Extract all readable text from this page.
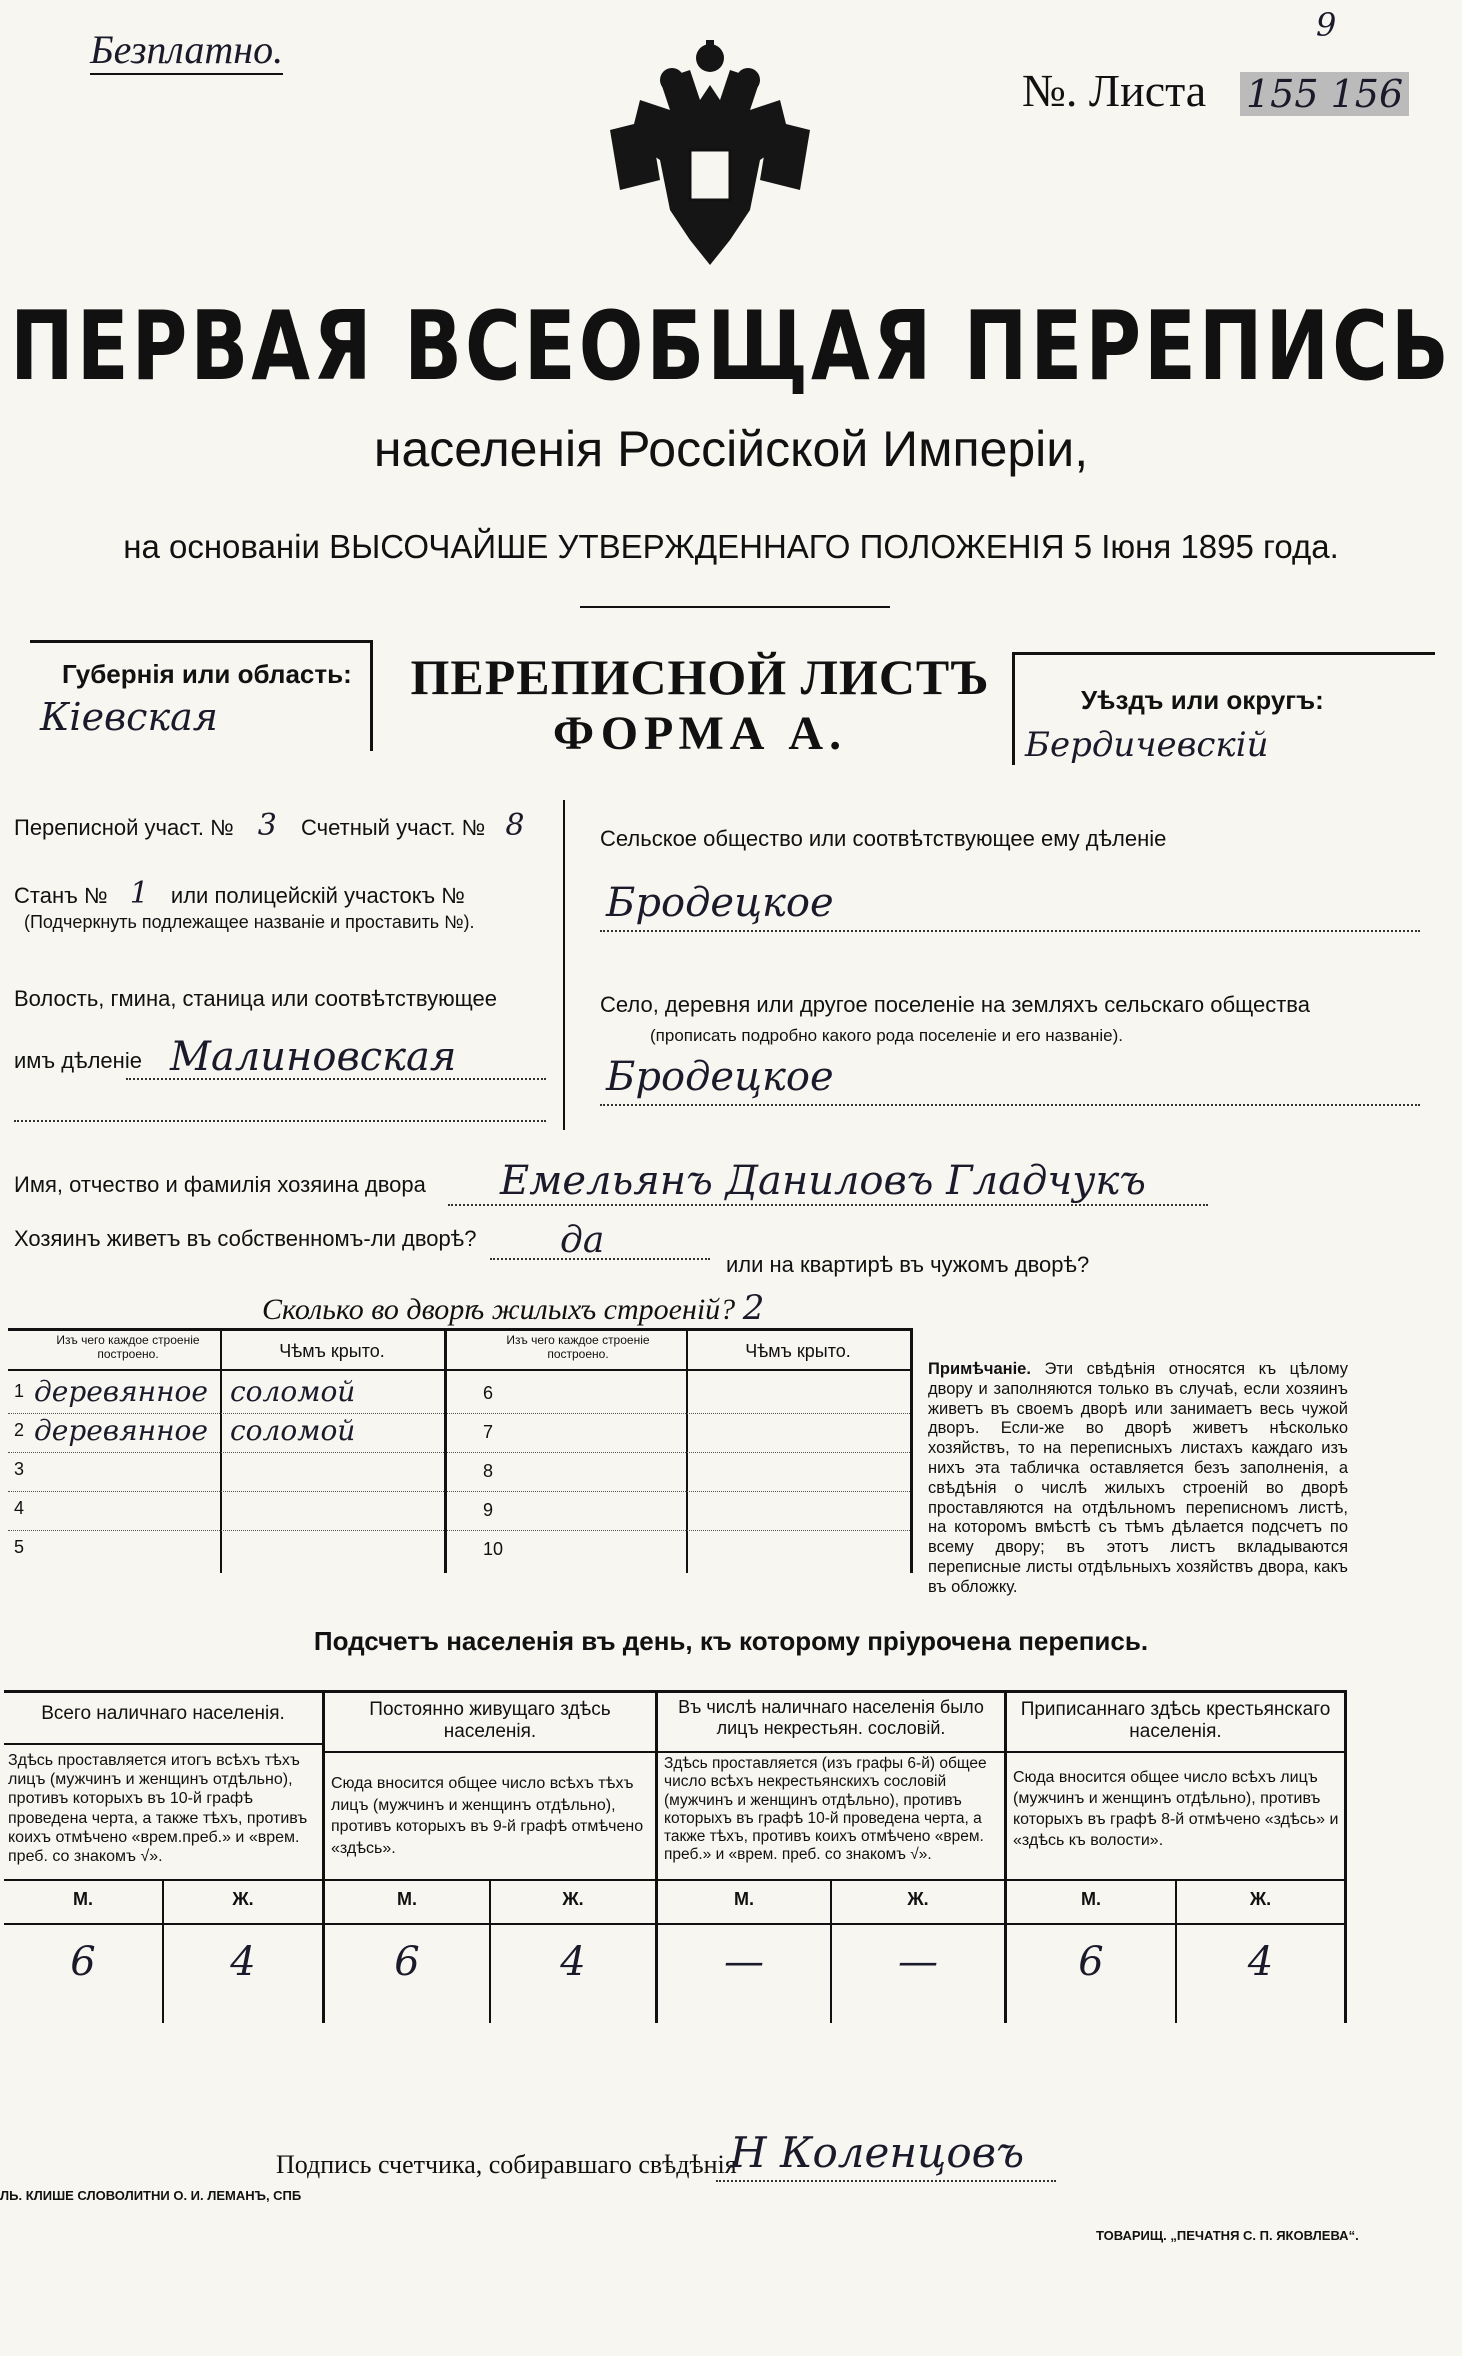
Безплатно.
№. Листа 155 156
9
ПЕРВАЯ ВСЕОБЩАЯ ПЕРЕПИСЬ
населенія Россійской Имперіи,
на основаніи ВЫСОЧАЙШЕ УТВЕРЖДЕННАГО ПОЛОЖЕНІЯ 5 Іюня 1895 года.
Губернія или область:
Кiевская
ПЕРЕПИСНОЙ ЛИСТЪ
ФОРМА А.
Уѣздъ или округъ:
Бердичевскiй
Переписной участ. № 3 Счетный участ. № 8
Станъ № 1 или полицейскій участокъ №
(Подчеркнуть подлежащее названіе и проставить №).
Волость, гмина, станица или соотвѣтствующее
имъ дѣленіе Малиновская
Сельское общество или соотвѣтствующее ему дѣленіе
Бродецкое
Село, деревня или другое поселеніе на земляхъ сельскаго общества
(прописать подробно какого рода поселеніе и его названіе).
Бродецкое
Имя, отчество и фамилія хозяина двора Емельянъ Даниловъ Гладчукъ
Хозяинъ живетъ въ собственномъ-ли дворѣ? да
или на квартирѣ въ чужомъ дворѣ?
Сколько во дворѣ жилыхъ строеній? 2
Изъ чего каждое строеніе построено.	Чѣмъ крыто.
Изъ чего каждое строеніе построено.	Чѣмъ крыто.
1 деревянное соломой
2 деревянное соломой
3
4
5
6
7
8
9
10
Примѣчаніе. Эти свѣдѣнія относятся къ цѣлому двору и заполняются только въ случаѣ, если хозяинъ живетъ въ своемъ дворѣ или занимаетъ весь чужой дворъ. Если-же во дворѣ живетъ нѣсколько хозяйствъ, то на переписныхъ листахъ каждаго изъ нихъ эта табличка оставляется безъ заполненія, а свѣдѣнія о числѣ жилыхъ строеній во дворѣ проставляются на отдѣльномъ переписномъ листѣ, на которомъ вмѣстѣ съ тѣмъ дѣлается подсчетъ по всему двору; въ этотъ листъ вкладываются переписные листы отдѣльныхъ хозяйствъ двора, какъ въ обложку.
Подсчетъ населенія въ день, къ которому пріурочена перепись.
Всего наличнаго населенія.
Здѣсь проставляется итогъ всѣхъ тѣхъ лицъ (мужчинъ и женщинъ отдѣльно), противъ которыхъ въ 10-й графѣ проведена черта, а также тѣхъ, противъ коихъ отмѣчено «врем.преб.» и «врем. преб. со знакомъ √».
М.	Ж.
6	4
Постоянно живущаго здѣсь населенія.
Сюда вносится общее число всѣхъ тѣхъ лицъ (мужчинъ и женщинъ отдѣльно), противъ которыхъ въ 9-й графѣ отмѣчено «здѣсь».
М.	Ж.
6	4
Въ числѣ наличнаго населенія было лицъ некрестьян. сословій.
Здѣсь проставляется (изъ графы 6-й) общее число всѣхъ некрестьянскихъ сословій (мужчинъ и женщинъ отдѣльно), противъ которыхъ въ графѣ 10-й проведена черта, а также тѣхъ, противъ коихъ отмѣчено «врем. преб.» и «врем. преб. со знакомъ √».
М.	Ж.
—	—
Приписаннаго здѣсь крестьянскаго населенія.
Сюда вносится общее число всѣхъ лицъ (мужчинъ и женщинъ отдѣльно), противъ которыхъ въ графѣ 8-й отмѣчено «здѣсь» и «здѣсь къ волости».
М.	Ж.
6	4
Подпись счетчика, собиравшаго свѣдѣнія
Н Коленцовъ
ЛЬ. КЛИШЕ СЛОВОЛИТНИ О. И. ЛЕМАНЪ, СПБ
ТОВАРИЩ. „ПЕЧАТНЯ С. П. ЯКОВЛЕВА“.
